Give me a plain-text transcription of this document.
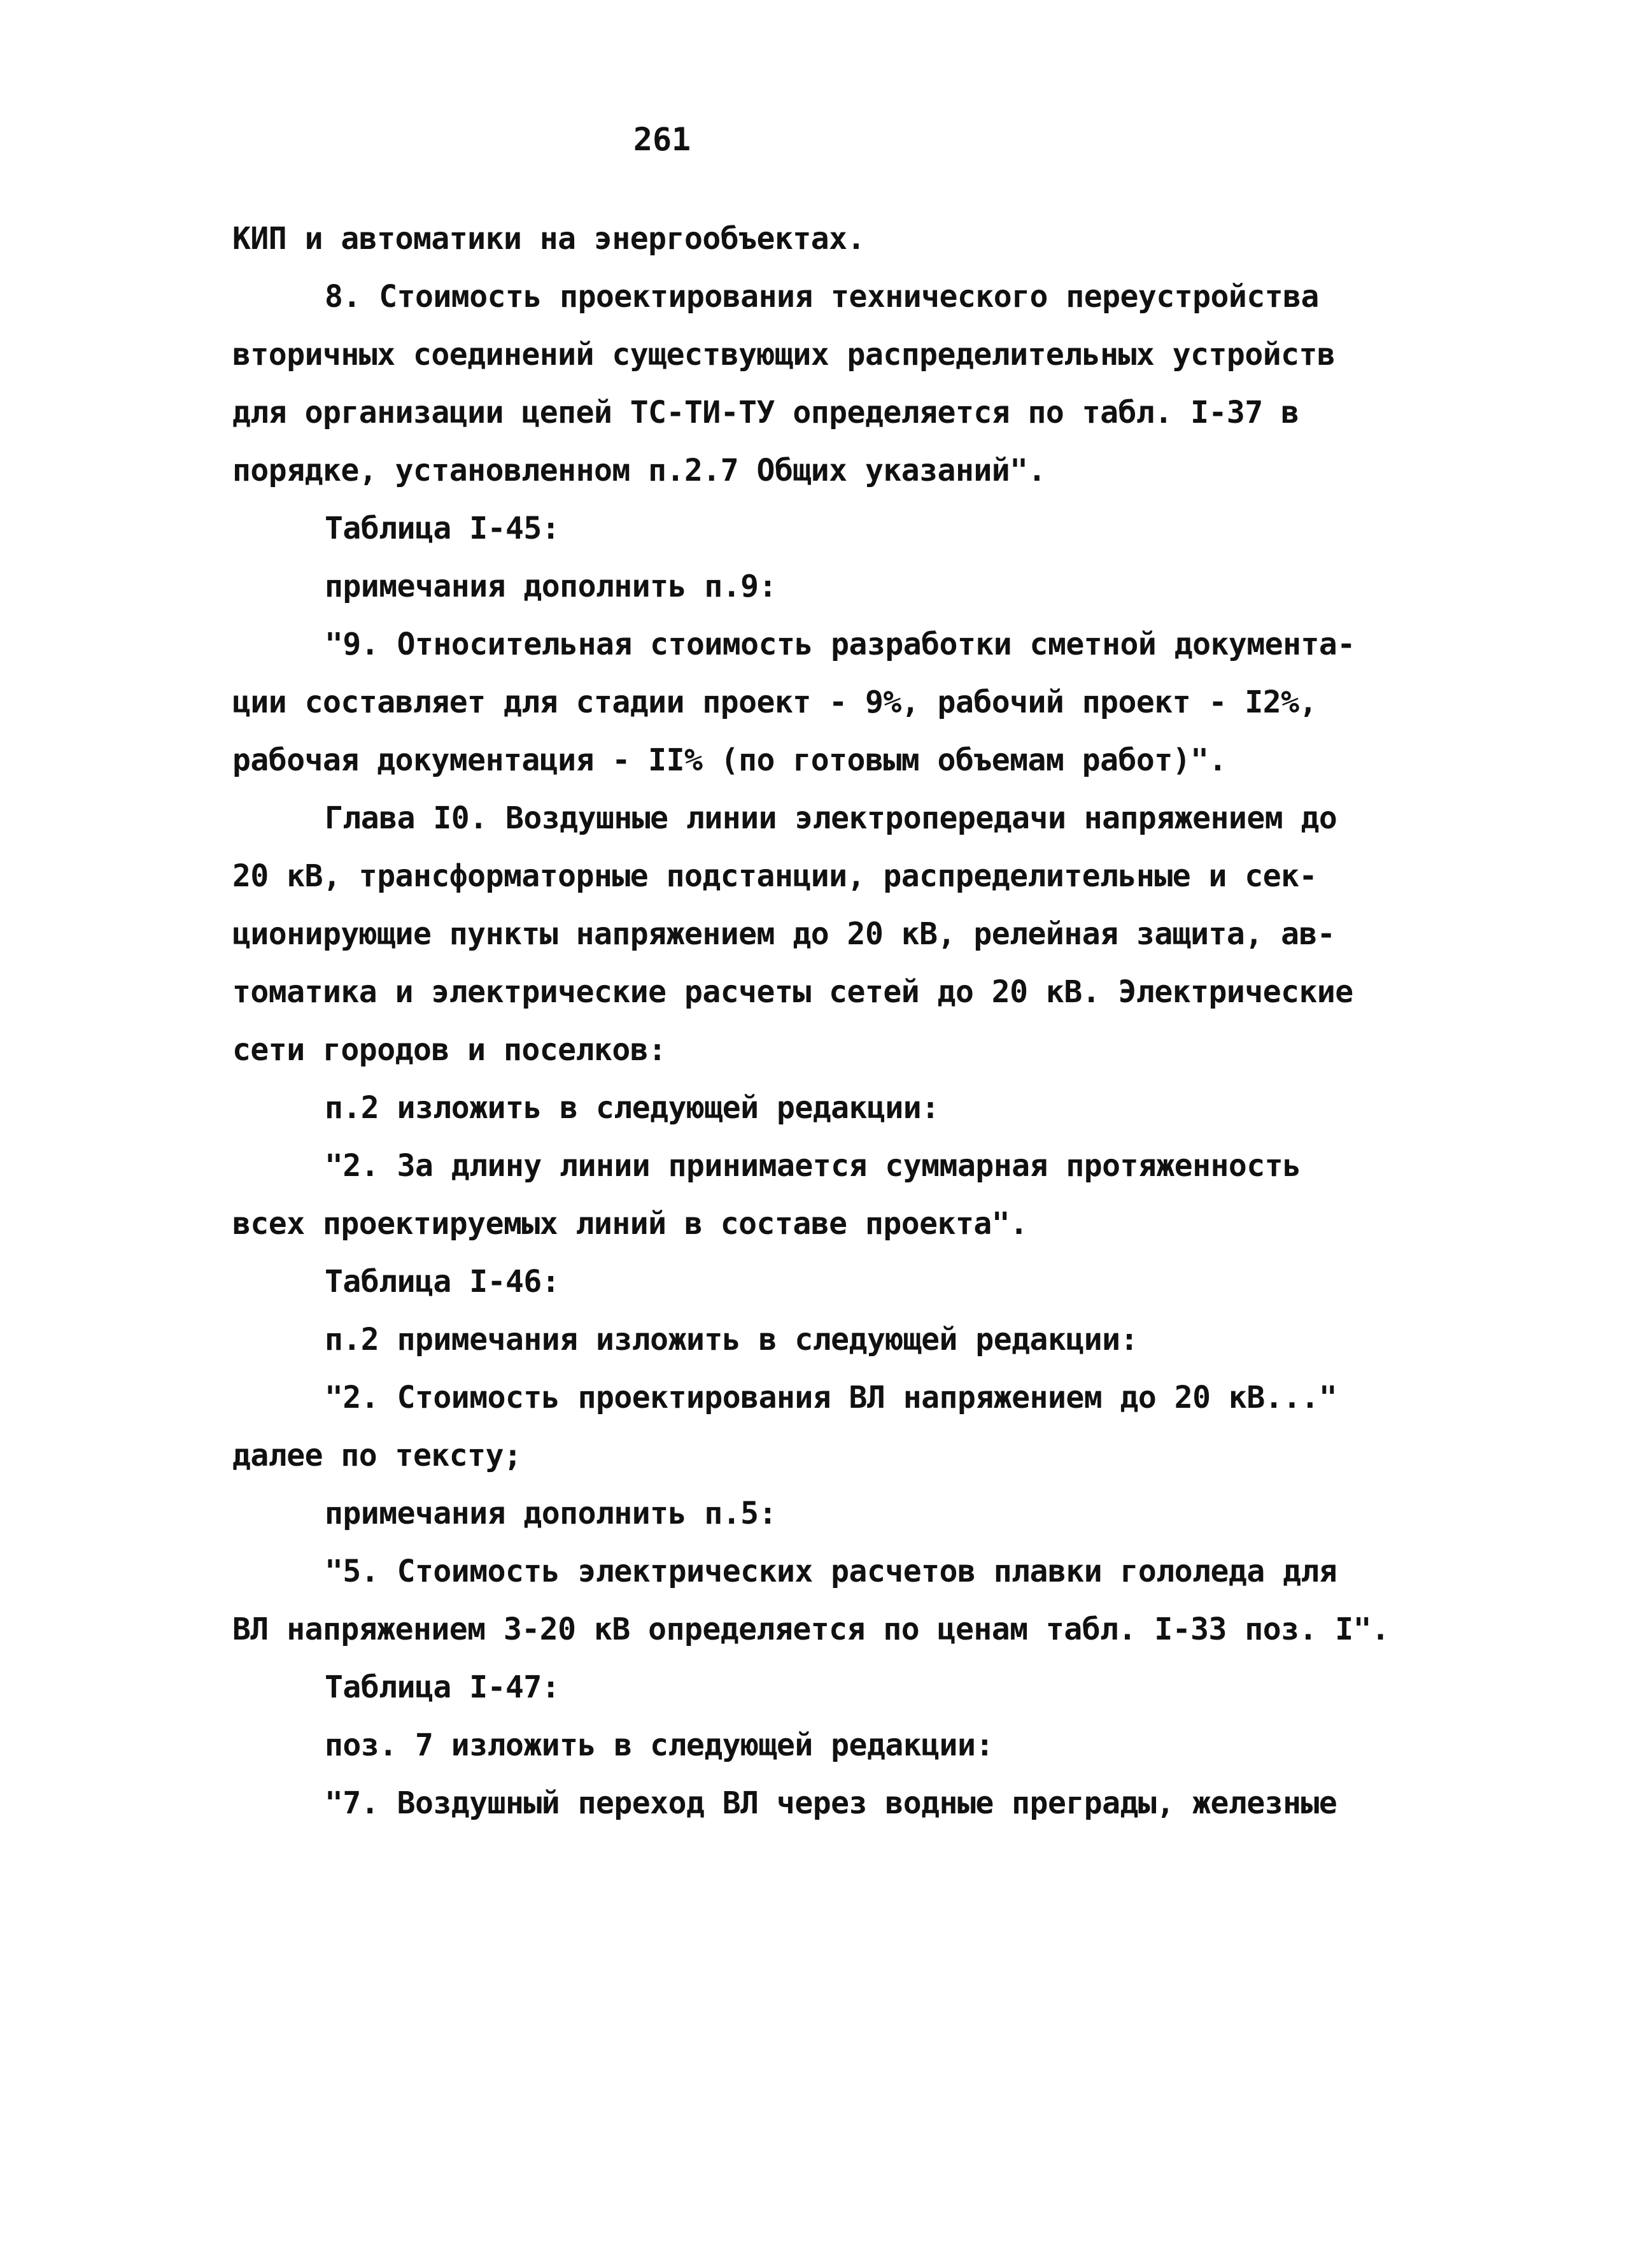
261
КИП и автоматики на энергообъектах.
8. Стоимость проектирования технического переустройства
вторичных соединений существующих распределительных устройств
для организации цепей ТС-ТИ-ТУ определяется по табл. I-37 в
порядке, установленном п.2.7 Общих указаний".
Таблица I-45:
примечания дополнить п.9:
"9. Относительная стоимость разработки сметной документа-
ции составляет для стадии проект - 9%, рабочий проект - I2%,
рабочая документация - II% (по готовым объемам работ)".
Глава I0. Воздушные линии электропередачи напряжением до
20 кВ, трансформаторные подстанции, распределительные и сек-
ционирующие пункты напряжением до 20 кВ, релейная защита, ав-
томатика и электрические расчеты сетей до 20 кВ. Электрические
сети городов и поселков:
п.2 изложить в следующей редакции:
"2. За длину линии принимается суммарная протяженность
всех проектируемых линий в составе проекта".
Таблица I-46:
п.2 примечания изложить в следующей редакции:
"2. Стоимость проектирования ВЛ напряжением до 20 кВ..."
далее по тексту;
примечания дополнить п.5:
"5. Стоимость электрических расчетов плавки гололеда для
ВЛ напряжением 3-20 кВ определяется по ценам табл. I-33 поз. I".
Таблица I-47:
поз. 7 изложить в следующей редакции:
"7. Воздушный переход ВЛ через водные преграды, железные
